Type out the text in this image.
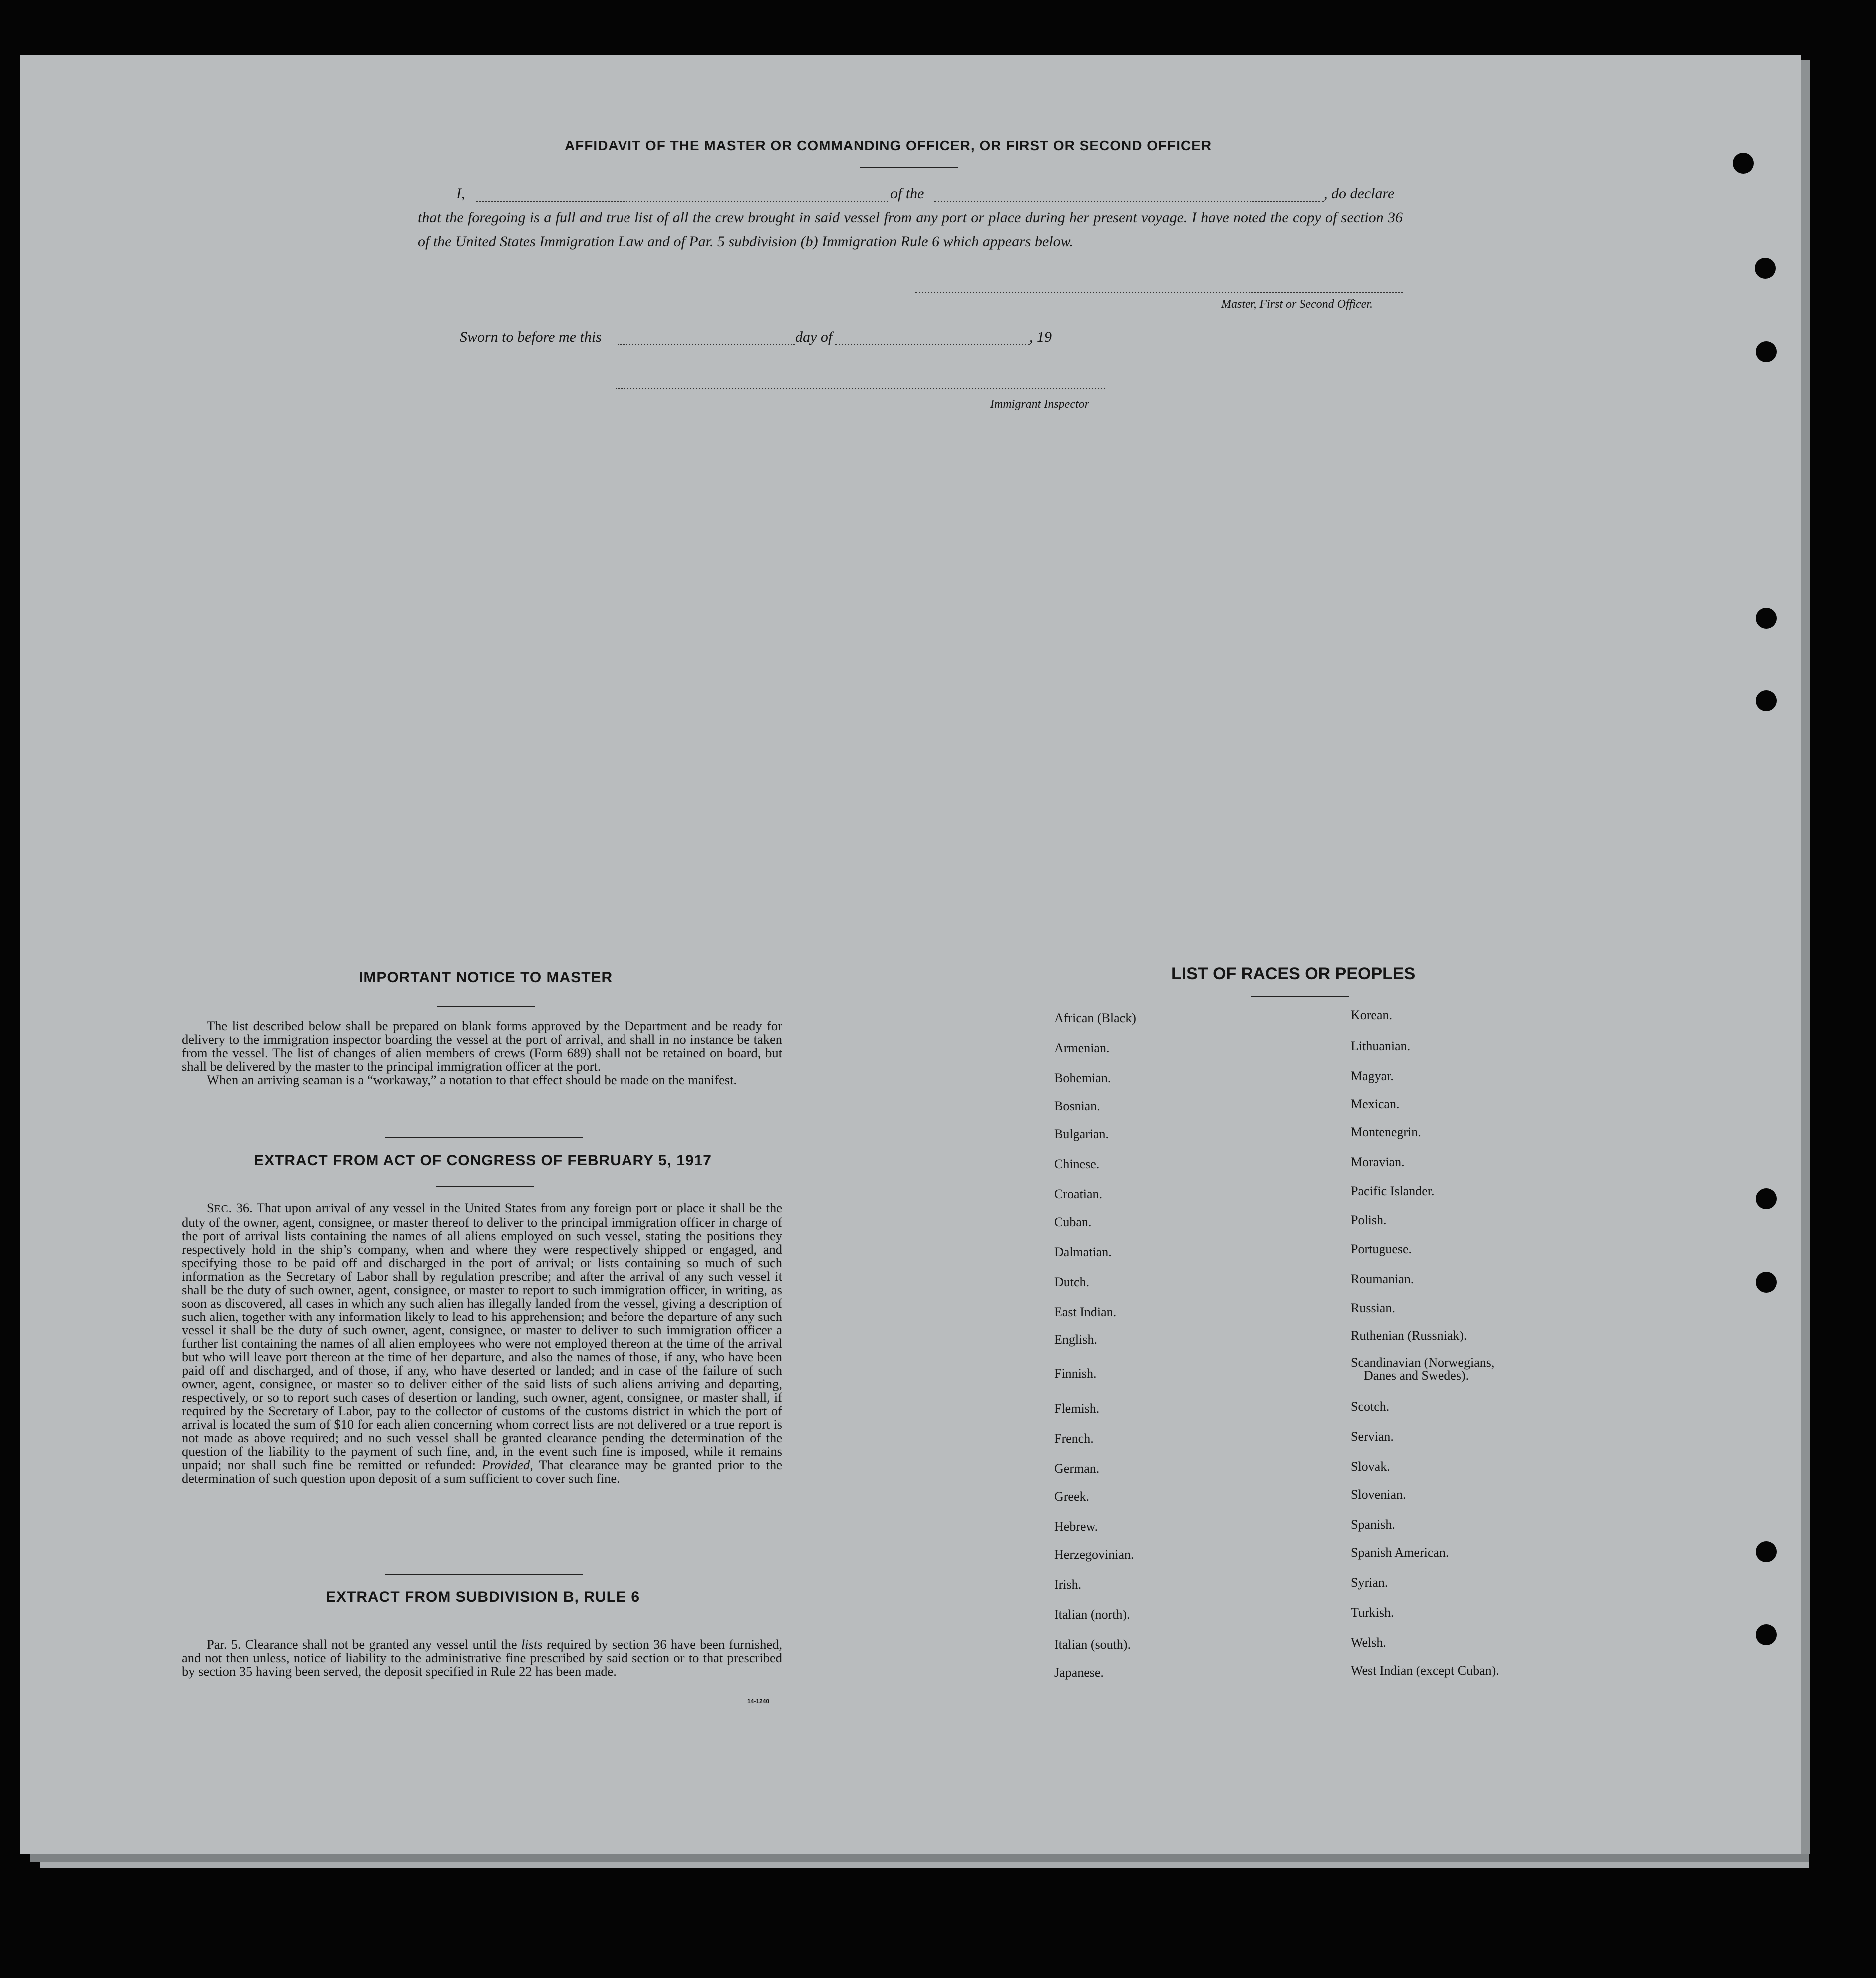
AFFIDAVIT OF THE MASTER OR COMMANDING OFFICER, OR FIRST OR SECOND OFFICER
I,	of the	, do declare

that the foregoing is a full and true list of all the crew brought in said vessel from any port or place during her present voyage. I have noted the copy of section 36 of the United States Immigration Law and of Par. 5 subdivision (b) Immigration Rule 6 which appears below.

Master, First or Second Officer.
Sworn to before me this	day of	, 19
Immigrant Inspector
IMPORTANT NOTICE TO MASTER

The list described below shall be prepared on blank forms approved by the Department and be ready for delivery to the immigration inspector boarding the vessel at the port of arrival, and shall in no instance be taken from the vessel. The list of changes of alien members of crews (Form 689) shall not be retained on board, but shall be delivered by the master to the principal immigration officer at the port.

When an arriving seaman is a “workaway,” a notation to that effect should be made on the manifest.

EXTRACT FROM ACT OF CONGRESS OF FEBRUARY 5, 1917

SEC. 36. That upon arrival of any vessel in the United States from any foreign port or place it shall be the duty of the owner, agent, consignee, or master thereof to deliver to the principal immigration officer in charge of the port of arrival lists containing the names of all aliens employed on such vessel, stating the positions they respectively hold in the ship’s company, when and where they were respectively shipped or engaged, and specifying those to be paid off and discharged in the port of arrival; or lists containing so much of such information as the Secretary of Labor shall by regulation prescribe; and after the arrival of any such vessel it shall be the duty of such owner, agent, consignee, or master to report to such immigration officer, in writing, as soon as discovered, all cases in which any such alien has illegally landed from the vessel, giving a description of such alien, together with any information likely to lead to his apprehension; and before the departure of any such vessel it shall be the duty of such owner, agent, consignee, or master to deliver to such immigration officer a further list containing the names of all alien employees who were not employed thereon at the time of the arrival but who will leave port thereon at the time of her departure, and also the names of those, if any, who have been paid off and discharged, and of those, if any, who have deserted or landed; and in case of the failure of such owner, agent, consignee, or master so to deliver either of the said lists of such aliens arriving and departing, respectively, or so to report such cases of desertion or landing, such owner, agent, consignee, or master shall, if required by the Secretary of Labor, pay to the collector of customs of the customs district in which the port of arrival is located the sum of $10 for each alien concerning whom correct lists are not delivered or a true report is not made as above required; and no such vessel shall be granted clearance pending the determination of the question of the liability to the payment of such fine, and, in the event such fine is imposed, while it remains unpaid; nor shall such fine be remitted or refunded: Provided, That clearance may be granted prior to the determination of such question upon deposit of a sum sufficient to cover such fine.

EXTRACT FROM SUBDIVISION B, RULE 6

Par. 5. Clearance shall not be granted any vessel until the lists required by section 36 have been furnished, and not then unless, notice of liability to the administrative fine prescribed by said section or to that prescribed by section 35 having been served, the deposit specified in Rule 22 has been made.

14-1240
LIST OF RACES OR PEOPLES
African (Black)
Armenian.
Bohemian.
Bosnian.
Bulgarian.
Chinese.
Croatian.
Cuban.
Dalmatian.
Dutch.
East Indian.
English.
Finnish.
Flemish.
French.
German.
Greek.
Hebrew.
Herzegovinian.
Irish.
Italian (north).
Italian (south).
Japanese.
Korean.
Lithuanian.
Magyar.
Mexican.
Montenegrin.
Moravian.
Pacific Islander.
Polish.
Portuguese.
Roumanian.
Russian.
Ruthenian (Russniak).
Scandinavian (Norwegians,
Danes and Swedes).
Scotch.
Servian.
Slovak.
Slovenian.
Spanish.
Spanish American.
Syrian.
Turkish.
Welsh.
West Indian (except Cuban).
